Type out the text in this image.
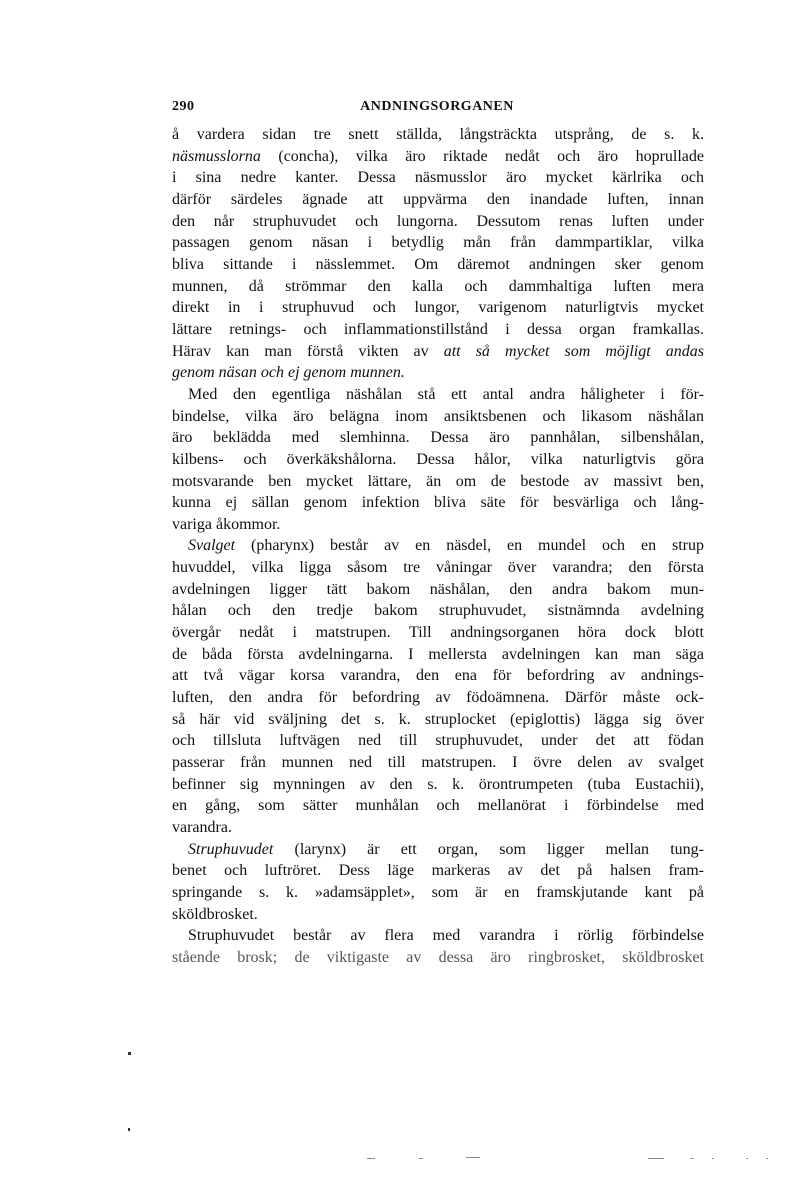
290	ANDNINGSORGANEN
å vardera sidan tre snett ställda, långsträckta utsprång, de s. k.
näsmusslorna (concha), vilka äro riktade nedåt och äro hoprullade
i sina nedre kanter. Dessa näsmusslor äro mycket kärlrika och
därför särdeles ägnade att uppvärma den inandade luften, innan
den når struphuvudet och lungorna. Dessutom renas luften under
passagen genom näsan i betydlig mån från dammpartiklar, vilka
bliva sittande i nässlemmet. Om däremot andningen sker genom
munnen, då strömmar den kalla och dammhaltiga luften mera
direkt in i struphuvud och lungor, varigenom naturligtvis mycket
lättare retnings- och inflammationstillstånd i dessa organ framkallas.
Härav kan man förstå vikten av att så mycket som möjligt andas
genom näsan och ej genom munnen.
Med den egentliga näshålan stå ett antal andra håligheter i för-
bindelse, vilka äro belägna inom ansiktsbenen och likasom näshålan
äro beklädda med slemhinna. Dessa äro pannhålan, silbenshålan,
kilbens- och överkäkshålorna. Dessa hålor, vilka naturligtvis göra
motsvarande ben mycket lättare, än om de bestode av massivt ben,
kunna ej sällan genom infektion bliva säte för besvärliga och lång-
variga åkommor.
Svalget (pharynx) består av en näsdel, en mundel och en strup
huvuddel, vilka ligga såsom tre våningar över varandra; den första
avdelningen ligger tätt bakom näshålan, den andra bakom mun-
hålan och den tredje bakom struphuvudet, sistnämnda avdelning
övergår nedåt i matstrupen. Till andningsorganen höra dock blott
de båda första avdelningarna. I mellersta avdelningen kan man säga
att två vägar korsa varandra, den ena för befordring av andnings-
luften, den andra för befordring av födoämnena. Därför måste ock-
så här vid sväljning det s. k. struplocket (epiglottis) lägga sig över
och tillsluta luftvägen ned till struphuvudet, under det att födan
passerar från munnen ned till matstrupen. I övre delen av svalget
befinner sig mynningen av den s. k. örontrumpeten (tuba Eustachii),
en gång, som sätter munhålan och mellanörat i förbindelse med
varandra.
Struphuvudet (larynx) är ett organ, som ligger mellan tung-
benet och luftröret. Dess läge markeras av det på halsen fram-
springande s. k. »adamsäpplet», som är en framskjutande kant på
sköldbrosket.
Struphuvudet består av flera med varandra i rörlig förbindelse
stående brosk; de viktigaste av dessa äro ringbrosket, sköldbrosket
